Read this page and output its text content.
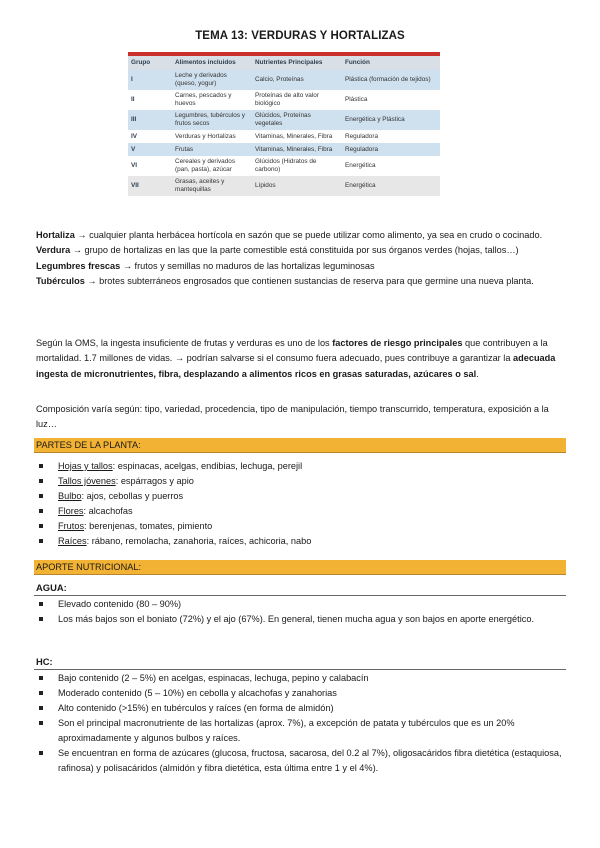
TEMA 13: VERDURAS Y HORTALIZAS

Grupo	Alimentos incluidos	Nutrientes Principales	Función
I	Leche y derivados (queso, yogur)	Calcio, Proteínas	Plástica (formación de tejidos)
II	Carnes, pescados y huevos	Proteínas de alto valor biológico	Plástica
III	Legumbres, tubérculos y frutos secos	Glúcidos, Proteínas vegetales	Energética y Plástica
IV	Verduras y Hortalizas	Vitaminas, Minerales, Fibra	Reguladora
V	Frutas	Vitaminas, Minerales, Fibra	Reguladora
VI	Cereales y derivados (pan, pasta), azúcar	Glúcidos (Hidratos de carbono)	Energética
VII	Grasas, aceites y mantequillas	Lípidos	Energética
Hortaliza → cualquier planta herbácea hortícola en sazón que se puede utilizar como alimento, ya sea en crudo o cocinado.
Verdura → grupo de hortalizas en las que la parte comestible está constituida por sus órganos verdes (hojas, tallos…)
Legumbres frescas → frutos y semillas no maduros de las hortalizas leguminosas
Tubérculos → brotes subterráneos engrosados que contienen sustancias de reserva para que germine una nueva planta.
Según la OMS, la ingesta insuficiente de frutas y verduras es uno de los factores de riesgo principales que contribuyen a la mortalidad. 1.7 millones de vidas. → podrían salvarse si el consumo fuera adecuado, pues contribuye a garantizar la adecuada ingesta de micronutrientes, fibra, desplazando a alimentos ricos en grasas saturadas, azúcares o sal.
Composición varía según: tipo, variedad, procedencia, tipo de manipulación, tiempo transcurrido, temperatura, exposición a la luz…
PARTES DE LA PLANTA:
Hojas y tallos: espinacas, acelgas, endibias, lechuga, perejil
Tallos jóvenes: espárragos y apio
Bulbo: ajos, cebollas y puerros
Flores: alcachofas
Frutos: berenjenas, tomates, pimiento
Raíces: rábano, remolacha, zanahoria, raíces, achicoria, nabo
APORTE NUTRICIONAL:
AGUA:
Elevado contenido (80 – 90%)
Los más bajos son el boniato (72%) y el ajo (67%). En general, tienen mucha agua y son bajos en aporte energético.
HC:
Bajo contenido (2 – 5%) en acelgas, espinacas, lechuga, pepino y calabacín
Moderado contenido (5 – 10%) en cebolla y alcachofas y zanahorias
Alto contenido (>15%) en tubérculos y raíces (en forma de almidón)
Son el principal macronutriente de las hortalizas (aprox. 7%), a excepción de patata y tubérculos que es un 20% aproximadamente y algunos bulbos y raíces.
Se encuentran en forma de azúcares (glucosa, fructosa, sacarosa, del 0.2 al 7%), oligosacáridos fibra dietética (estaquiosa, rafinosa) y polisacáridos (almidón y fibra dietética, esta última entre 1 y el 4%).
